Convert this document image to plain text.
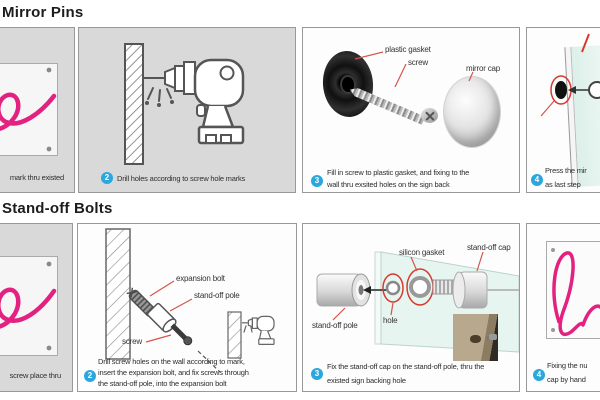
Mirror Pins
mark thru existed	2	Drill holes according to screw hole marks
plastic gasket
screw
mirror cap
3
Fill in screw to plastic gasket, and fixing to the
wall thru exsited holes on the sign back
4
Press the mir
as last step
Stand-off Bolts
screw place thru
expansion bolt
stand-off pole
screw
2
Drill screw holes on the wall according to mark,
insert the expansion bolt, and fix screws through
the stand-off pole, into the expansion bolt
silicon gasket
stand-off cap
stand-off pole
hole
3
Fix the stand-off cap on the stand-off pole, thru the
existed sign backing hole
4
Fixing the nu
cap by hand
